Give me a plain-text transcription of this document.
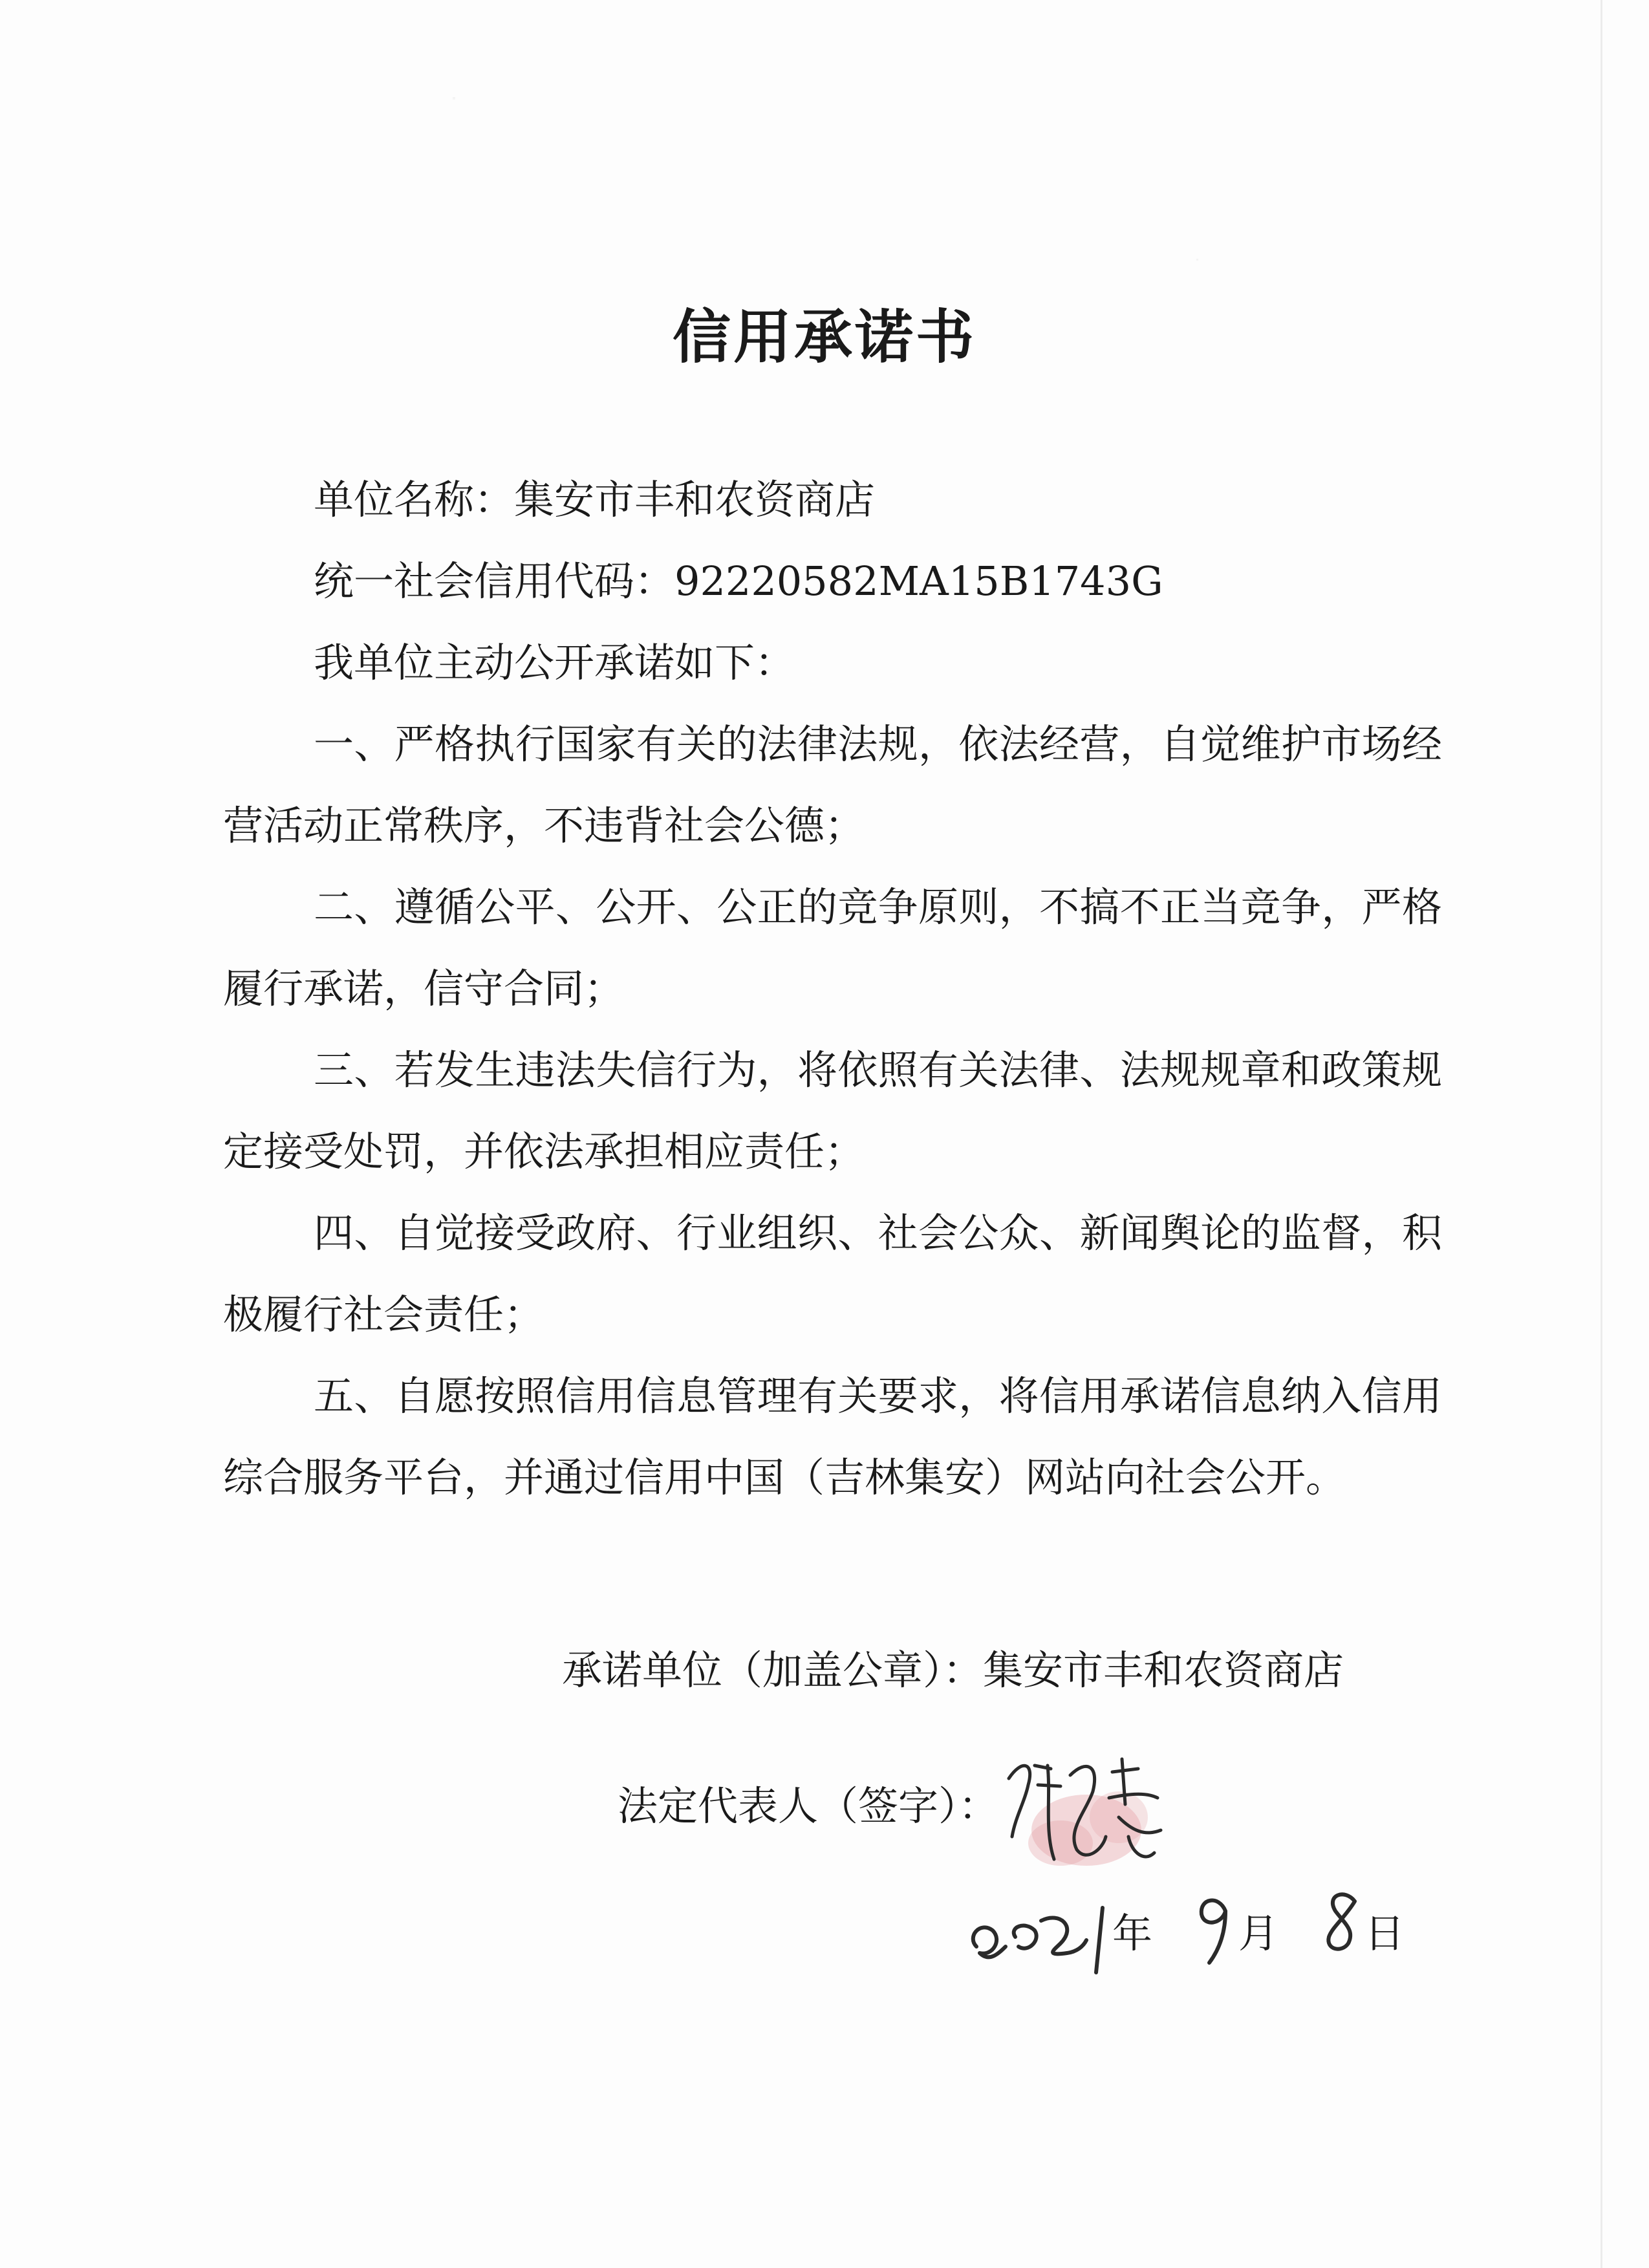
信用承诺书
单位名称：集安市丰和农资商店
统一社会信用代码：92220582MA15B1743G
我单位主动公开承诺如下：

一、严格执行国家有关的法律法规，依法经营，自觉维护市场经营活动正常秩序，不违背社会公德；

二、遵循公平、公开、公正的竞争原则，不搞不正当竞争，严格履行承诺，信守合同；

三、若发生违法失信行为，将依照有关法律、法规规章和政策规定接受处罚，并依法承担相应责任；

四、自觉接受政府、行业组织、社会公众、新闻舆论的监督，积极履行社会责任；

五、自愿按照信用信息管理有关要求，将信用承诺信息纳入信用综合服务平台，并通过信用中国（吉林集安）网站向社会公开。

承诺单位（加盖公章）：集安市丰和农资商店
法定代表人（签字）：
年 月 日
